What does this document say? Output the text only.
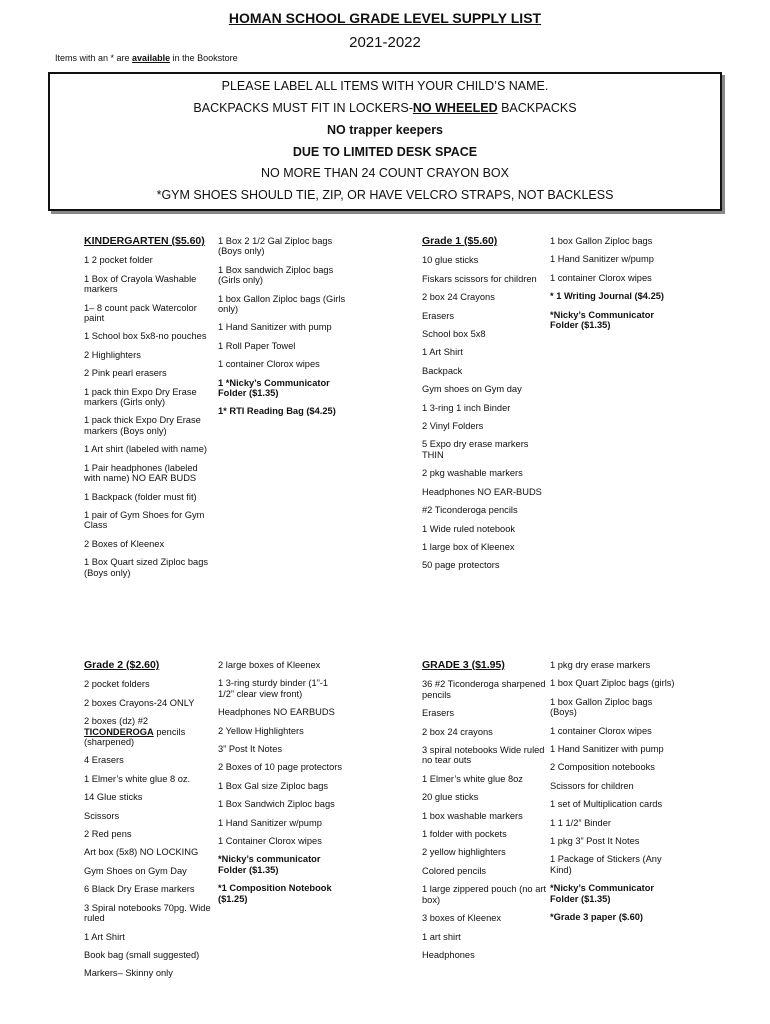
HOMAN SCHOOL GRADE LEVEL SUPPLY LIST
2021-2022
Items with an * are available in the Bookstore
PLEASE LABEL ALL ITEMS WITH YOUR CHILD’S NAME.
BACKPACKS MUST FIT IN LOCKERS-NO WHEELED BACKPACKS
NO trapper keepers
DUE TO LIMITED DESK SPACE
NO MORE THAN 24 COUNT CRAYON BOX
*GYM SHOES SHOULD TIE, ZIP, OR HAVE VELCRO STRAPS, NOT BACKLESS
KINDERGARTEN ($5.60)
1 2 pocket folder
1 Box of Crayola Washable markers
1– 8 count pack Watercolor paint
1 School box 5x8-no pouches
2 Highlighters
2 Pink pearl erasers
1 pack thin Expo Dry Erase markers (Girls only)
1 pack thick Expo Dry Erase markers (Boys only)
1 Art shirt (labeled with name)
1 Pair headphones (labeled with name) NO EAR BUDS
1 Backpack (folder must fit)
1 pair of Gym Shoes for Gym Class
2 Boxes of Kleenex
1 Box Quart sized Ziploc bags (Boys only)
1 Box 2 1/2 Gal Ziploc bags (Boys only)
1 Box sandwich Ziploc bags (Girls only)
1 box Gallon Ziploc bags (Girls only)
1 Hand Sanitizer with pump
1 Roll Paper Towel
1 container Clorox wipes
1 *Nicky’s Communicator Folder ($1.35)
1* RTI Reading Bag ($4.25)
Grade 1 ($5.60)
10 glue sticks
Fiskars scissors for children
2 box 24 Crayons
Erasers
School box 5x8
1 Art Shirt
Backpack
Gym shoes on Gym day
1 3-ring 1 inch Binder
2 Vinyl Folders
5 Expo dry erase markers THIN
2 pkg washable markers
Headphones NO EAR-BUDS
#2 Ticonderoga pencils
1 Wide ruled notebook
1 large box of Kleenex
50 page protectors
1 box Gallon Ziploc bags
1 Hand Sanitizer w/pump
1 container Clorox wipes
* 1 Writing Journal ($4.25)
*Nicky’s Communicator Folder ($1.35)
Grade 2 ($2.60)
2 pocket folders
2 boxes Crayons-24 ONLY
2 boxes (dz) #2 TICONDEROGA pencils (sharpened)
4 Erasers
1 Elmer’s white glue 8 oz.
14 Glue sticks
Scissors
2 Red pens
Art box (5x8) NO LOCKING
Gym Shoes on Gym Day
6 Black Dry Erase markers
3 Spiral notebooks 70pg. Wide ruled
1 Art Shirt
Book bag (small suggested)
Markers– Skinny only
2 large boxes of Kleenex
1 3-ring sturdy binder (1”-1 1/2” clear view front)
Headphones NO EARBUDS
2 Yellow Highlighters
3” Post It Notes
2 Boxes of 10 page protectors
1 Box Gal size Ziploc bags
1 Box Sandwich Ziploc bags
1 Hand Sanitizer w/pump
1 Container Clorox wipes
*Nicky’s communicator Folder ($1.35)
*1 Composition Notebook ($1.25)
GRADE 3 ($1.95)
36 #2 Ticonderoga sharpened pencils
Erasers
2 box 24 crayons
3 spiral notebooks Wide ruled no tear outs
1 Elmer’s white glue 8oz
20 glue sticks
1 box washable markers
1 folder with pockets
2 yellow highlighters
Colored pencils
1 large zippered pouch (no art box)
3 boxes of Kleenex
1 art shirt
Headphones
1 pkg dry erase markers
1 box Quart Ziploc bags (girls)
1 box Gallon Ziploc bags (Boys)
1 container Clorox wipes
1 Hand Sanitizer with pump
2 Composition notebooks
Scissors for children
1 set of Multiplication cards
1 1 1/2” Binder
1 pkg 3” Post It Notes
1 Package of Stickers (Any Kind)
*Nicky’s Communicator Folder ($1.35)
*Grade 3 paper ($.60)
